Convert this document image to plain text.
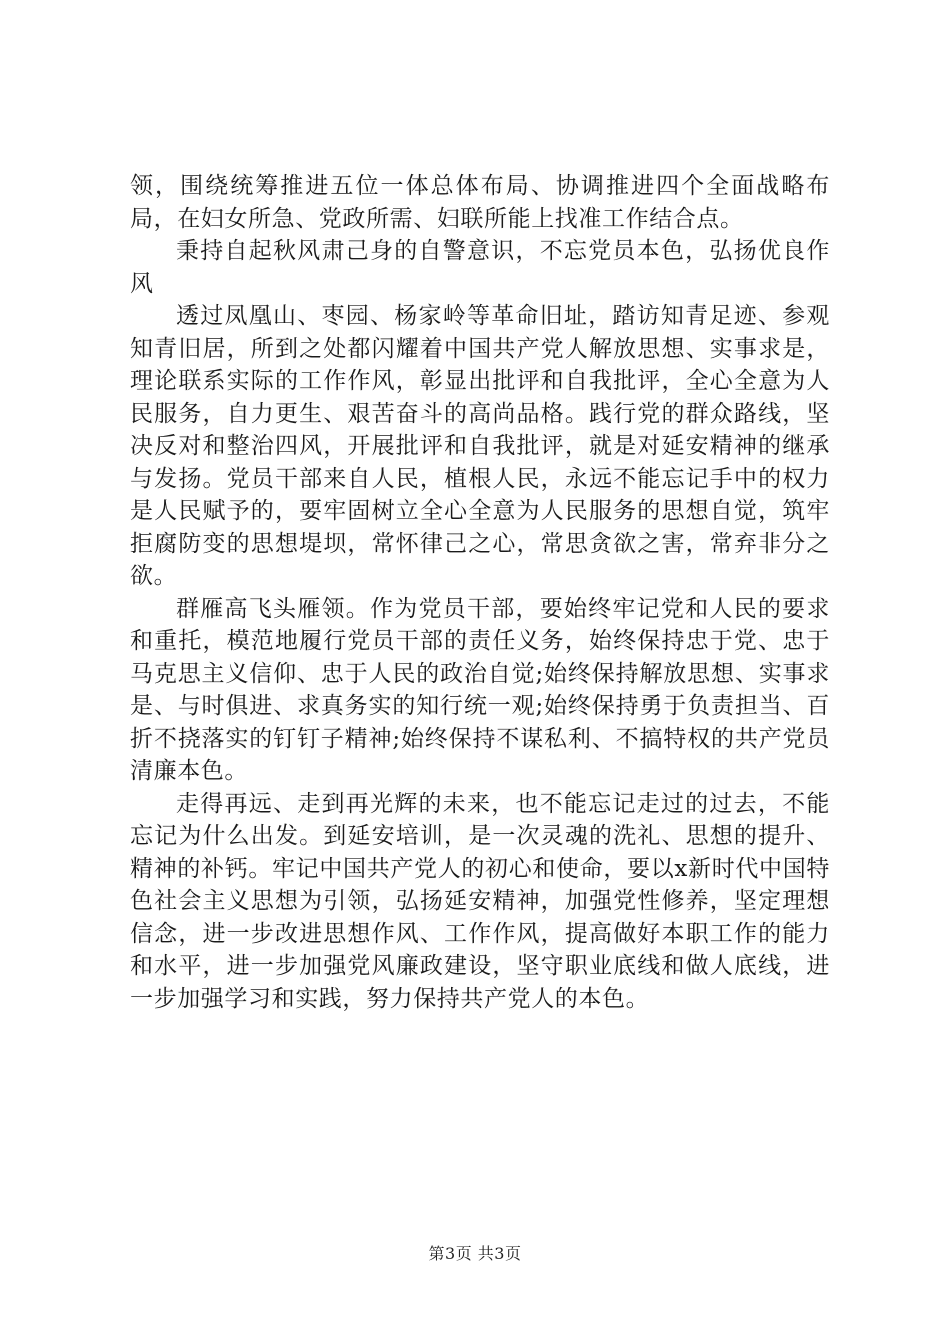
领，围绕统筹推进五位一体总体布局、协调推进四个全面战略布局，在妇女所急、党政所需、妇联所能上找准工作结合点。

秉持自起秋风肃己身的自警意识，不忘党员本色，弘扬优良作风

透过凤凰山、枣园、杨家岭等革命旧址，踏访知青足迹、参观知青旧居，所到之处都闪耀着中国共产党人解放思想、实事求是，理论联系实际的工作作风，彰显出批评和自我批评，全心全意为人民服务，自力更生、艰苦奋斗的高尚品格。践行党的群众路线，坚决反对和整治四风，开展批评和自我批评，就是对延安精神的继承与发扬。党员干部来自人民，植根人民，永远不能忘记手中的权力是人民赋予的，要牢固树立全心全意为人民服务的思想自觉，筑牢拒腐防变的思想堤坝，常怀律己之心，常思贪欲之害，常弃非分之欲。

群雁高飞头雁领。作为党员干部，要始终牢记党和人民的要求和重托，模范地履行党员干部的责任义务，始终保持忠于党、忠于马克思主义信仰、忠于人民的政治自觉;始终保持解放思想、实事求是、与时俱进、求真务实的知行统一观;始终保持勇于负责担当、百折不挠落实的钉钉子精神;始终保持不谋私利、不搞特权的共产党员清廉本色。

走得再远、走到再光辉的未来，也不能忘记走过的过去，不能忘记为什么出发。到延安培训，是一次灵魂的洗礼、思想的提升、精神的补钙。牢记中国共产党人的初心和使命，要以x新时代中国特色社会主义思想为引领，弘扬延安精神，加强党性修养，坚定理想信念，进一步改进思想作风、工作作风，提高做好本职工作的能力和水平，进一步加强党风廉政建设，坚守职业底线和做人底线，进一步加强学习和实践，努力保持共产党人的本色。

第3页 共3页
